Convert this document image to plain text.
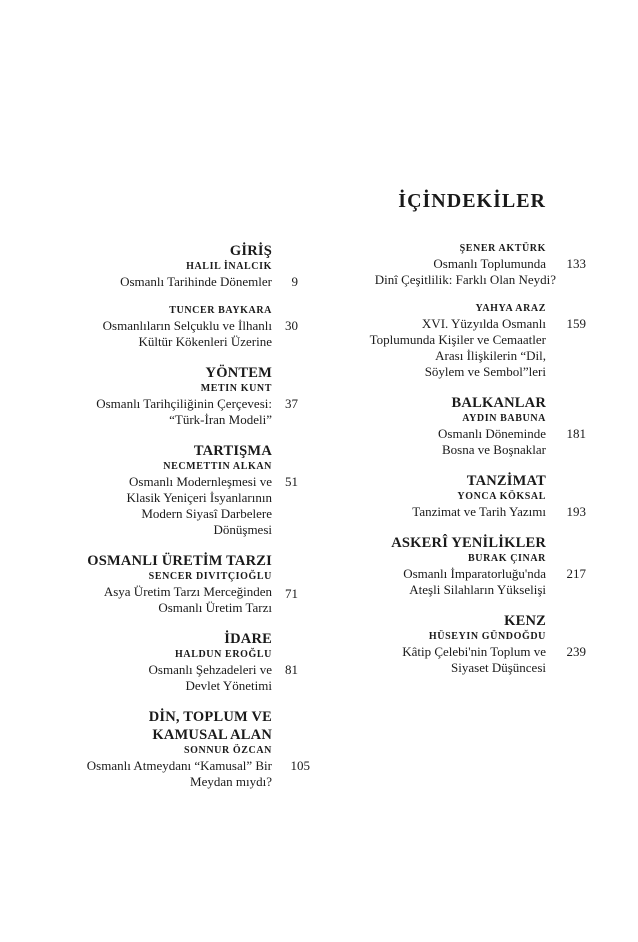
İÇİNDEKİLER
GİRİŞ
HALIL İNALCIK
Osmanlı Tarihinde Dönemler 9
TUNCER BAYKARA
Osmanlıların Selçuklu ve İlhanlı
Kültür Kökenleri Üzerine
30
YÖNTEM
METIN KUNT
Osmanlı Tarihçiliğinin Çerçevesi:
“Türk-İran Modeli”
37
TARTIŞMA
NECMETTIN ALKAN
Osmanlı Modernleşmesi ve
Klasik Yeniçeri İsyanlarının
Modern Siyasî Darbelere
Dönüşmesi
51
OSMANLI ÜRETİM TARZI
SENCER DIVITÇIOĞLU
Asya Üretim Tarzı Merceğinden
Osmanlı Üretim Tarzı
71
İDARE
HALDUN EROĞLU
Osmanlı Şehzadeleri ve
Devlet Yönetimi
81
DİN, TOPLUM VE KAMUSAL ALAN
SONNUR ÖZCAN
Osmanlı Atmeydanı “Kamusal” Bir
Meydan mıydı?
105
ŞENER AKTÜRK
Osmanlı Toplumunda
Dinî Çeşitlilik: Farklı Olan Neydi?
133
YAHYA ARAZ
XVI. Yüzyılda Osmanlı
Toplumunda Kişiler ve Cemaatler
Arası İlişkilerin “Dil,
Söylem ve Sembol”leri
159
BALKANLAR
AYDIN BABUNA
Osmanlı Döneminde
Bosna ve Boşnaklar
181
TANZİMAT
YONCA KÖKSAL
Tanzimat ve Tarih Yazımı 193
ASKERÎ YENİLİKLER
BURAK ÇINAR
Osmanlı İmparatorluğu'nda
Ateşli Silahların Yükselişi
217
KENZ
HÜSEYIN GÜNDOĞDU
Kâtip Çelebi'nin Toplum ve
Siyaset Düşüncesi
239
